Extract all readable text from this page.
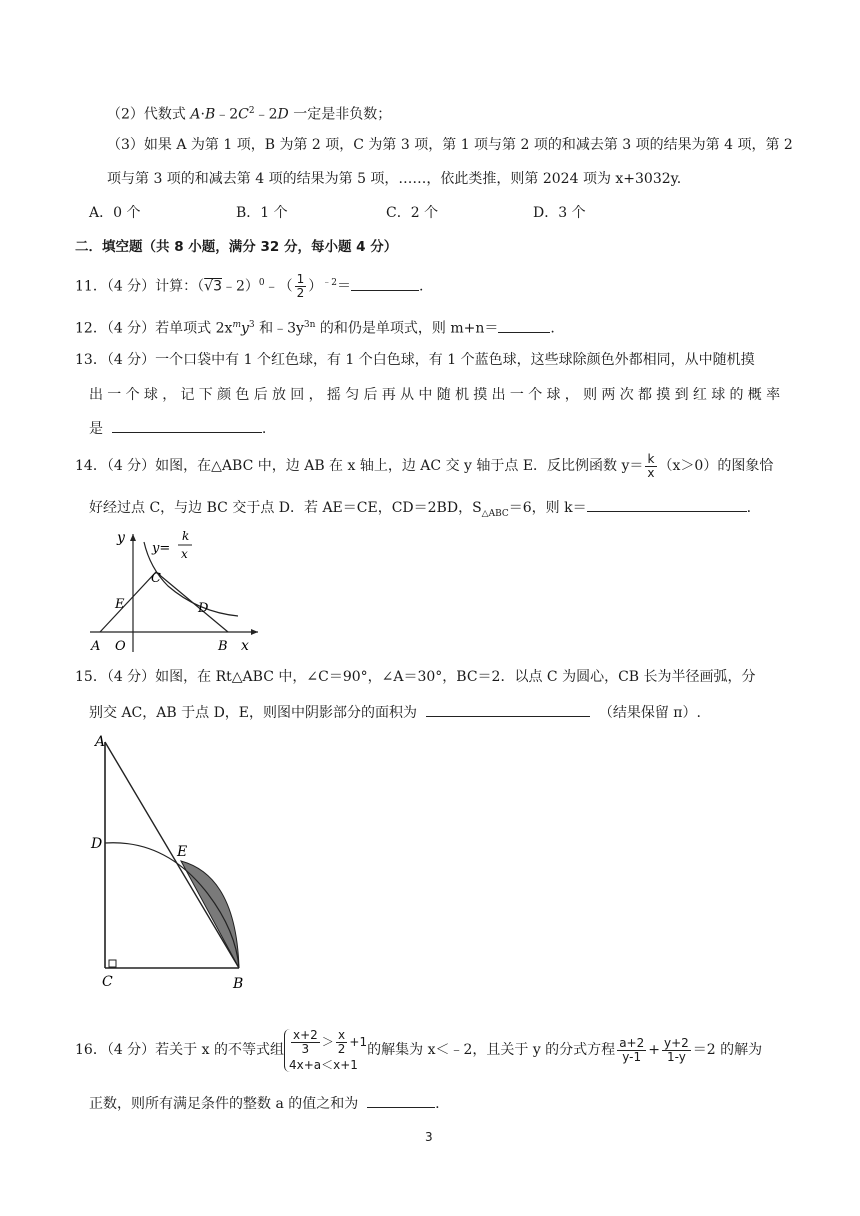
（2）代数式 $A\cdot B﹣2C^2﹣2D$ 一定是非负数；
（3）如果 A 为第 1 项，B 为第 2 项，C 为第 3 项，第 1 项与第 2 项的和减去第 3 项的结果为第 4 项，第 2
项与第 3 项的和减去第 4 项的结果为第 5 项，……，依此类推，则第 2024 项为 x+3032y.
A．0 个	B．1 个	C．2 个	D．3 个
二．填空题（共 8 小题，满分 32 分，每小题 4 分）
11．（4 分）计算：（√3﹣2）$^0$﹣（ $\frac{1}{2} )^{﹣2}=$	.
12．（4 分）若单项式 $2x^my^3$ 和$﹣3y^{3n}$ 的和仍是单项式，则 m+n＝	.
13．（4 分）一个口袋中有 1 个红色球，有 1 个白色球，有 1 个蓝色球，这些球除颜色外都相同，从中随机摸
出一个球，记下颜色后放回，摇匀后再从中随机摸出一个球，则两次都摸到红球的概率
是	.
14．（4 分）如图，在△ABC 中，边 AB 在 x 轴上，边 AC 交 y 轴于点 E．反比例函数 $y= \frac{k}{x} (x>0)$的图象恰
好经过点 C，与边 BC 交于点 D．若 AE＝CE，CD＝2BD，$S_{\triangle ABC}=6$，则 k＝	.
y
x
y=
k
x
C
E	D
A O	B
15．（4 分）如图，在 Rt△ABC 中，∠C＝90°，∠A＝30°，BC＝2．以点 C 为圆心，CB 长为半径画弧，分
别交 AC，AB 于点 D，E，则图中阴影部分的面积为	（结果保留 π）.
A
D	E
C	B
16．（4 分）若关于 x 的不等式组 $\frac{x+2}{3} > \frac{x}{2} +1$
4x+a＜x+1
的解集为 x＜﹣2，且关于 y 的分式方程 $\frac{a+2}{y-1} + \frac{y+2}{1-y} =2$ 的解为
正数，则所有满足条件的整数 a 的值之和为	.
3
